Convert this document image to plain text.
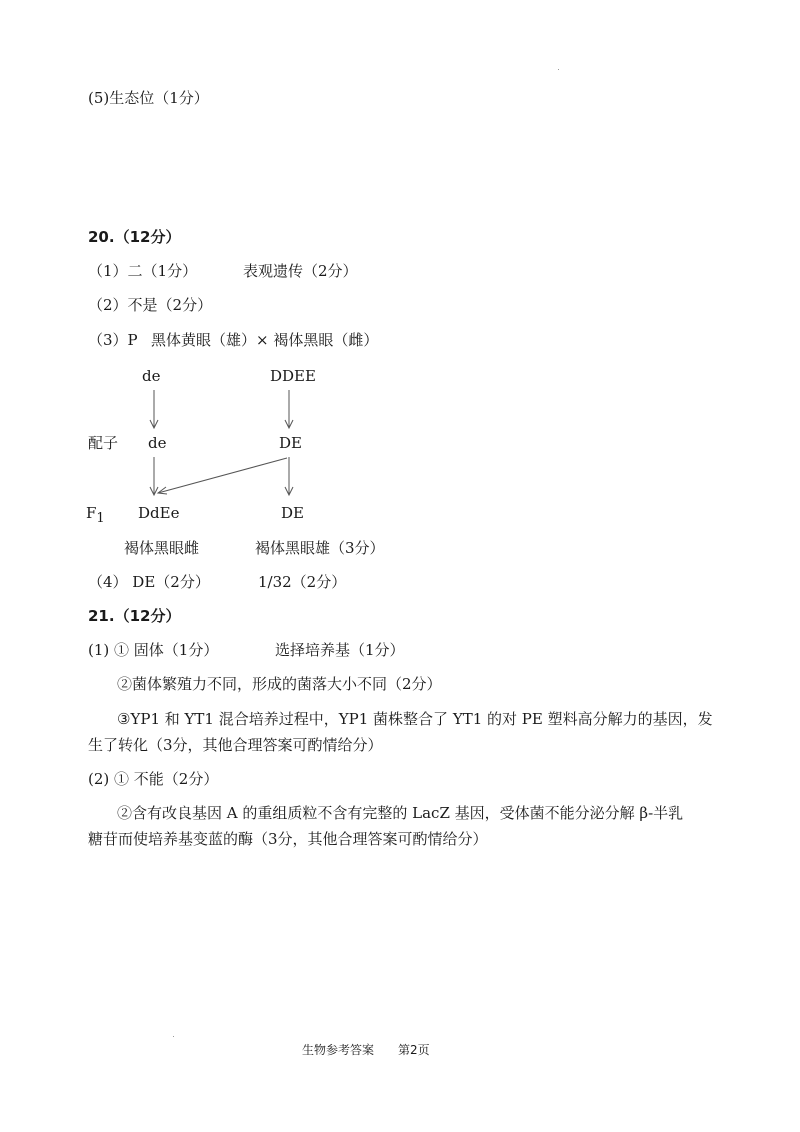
(5)生态位（1分）
20.（12分）
（1）二（1分）	表观遗传（2分）
（2）不是（2分）
（3）P 黑体黄眼（雄）× 褐体黑眼（雌）
de	DDEE
配子 de	DE
$F_1$ DdEe	DE
褐体黑眼雌	褐体黑眼雄（3分）
（4） DE（2分）	1/32（2分）
21.（12分）
(1) ① 固体（1分）	选择培养基（1分）
②菌体繁殖力不同，形成的菌落大小不同（2分）
③YP1 和 YT1 混合培养过程中，YP1 菌株整合了 YT1 的对 PE 塑料高分解力的基因，发
生了转化（3分，其他合理答案可酌情给分）
(2) ① 不能（2分）
②含有改良基因 A 的重组质粒不含有完整的 LacZ 基因，受体菌不能分泌分解 β-半乳
糖苷而使培养基变蓝的酶（3分，其他合理答案可酌情给分）
生物参考答案 第2页
